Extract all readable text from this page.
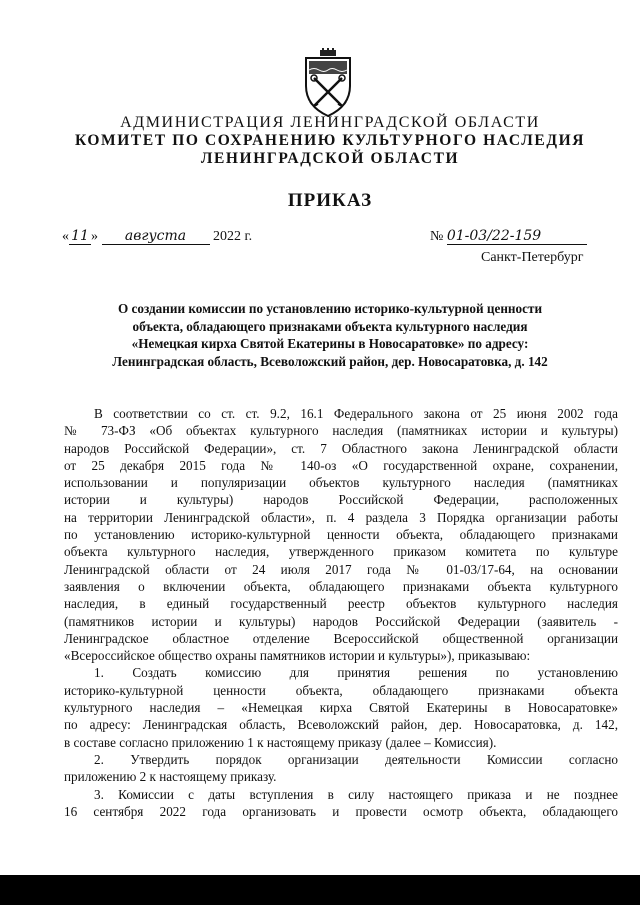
АДМИНИСТРАЦИЯ ЛЕНИНГРАДСКОЙ ОБЛАСТИ
КОМИТЕТ ПО СОХРАНЕНИЮ КУЛЬТУРНОГО НАСЛЕДИЯ
ЛЕНИНГРАДСКОЙ ОБЛАСТИ
ПРИКАЗ
« 11 » августа 2022 г.	№ 01-03/22-159
Санкт-Петербург
О создании комиссии по установлению историко-культурной ценности
объекта, обладающего признаками объекта культурного наследия
«Немецкая кирха Святой Екатерины в Новосаратовке» по адресу:
Ленинградская область, Всеволожский район, дер. Новосаратовка, д. 142
В соответствии со ст. ст. 9.2, 16.1 Федерального закона от 25 июня 2002 года
№ 73-ФЗ «Об объектах культурного наследия (памятниках истории и культуры)
народов Российской Федерации», ст. 7 Областного закона Ленинградской области
от 25 декабря 2015 года № 140-оз «О государственной охране, сохранении,
использовании и популяризации объектов культурного наследия (памятниках
истории и культуры) народов Российской Федерации, расположенных
на территории Ленинградской области», п. 4 раздела 3 Порядка организации работы
по установлению историко-культурной ценности объекта, обладающего признаками
объекта культурного наследия, утвержденного приказом комитета по культуре
Ленинградской области от 24 июля 2017 года № 01-03/17-64, на основании
заявления о включении объекта, обладающего признаками объекта культурного
наследия, в единый государственный реестр объектов культурного наследия
(памятников истории и культуры) народов Российской Федерации (заявитель -
Ленинградское областное отделение Всероссийской общественной организации
«Всероссийское общество охраны памятников истории и культуры»), приказываю:
1. Создать комиссию для принятия решения по установлению
историко-культурной ценности объекта, обладающего признаками объекта
культурного наследия – «Немецкая кирха Святой Екатерины в Новосаратовке»
по адресу: Ленинградская область, Всеволожский район, дер. Новосаратовка, д. 142,
в составе согласно приложению 1 к настоящему приказу (далее – Комиссия).
2. Утвердить порядок организации деятельности Комиссии согласно
приложению 2 к настоящему приказу.
3. Комиссии с даты вступления в силу настоящего приказа и не позднее
16 сентября 2022 года организовать и провести осмотр объекта, обладающего
